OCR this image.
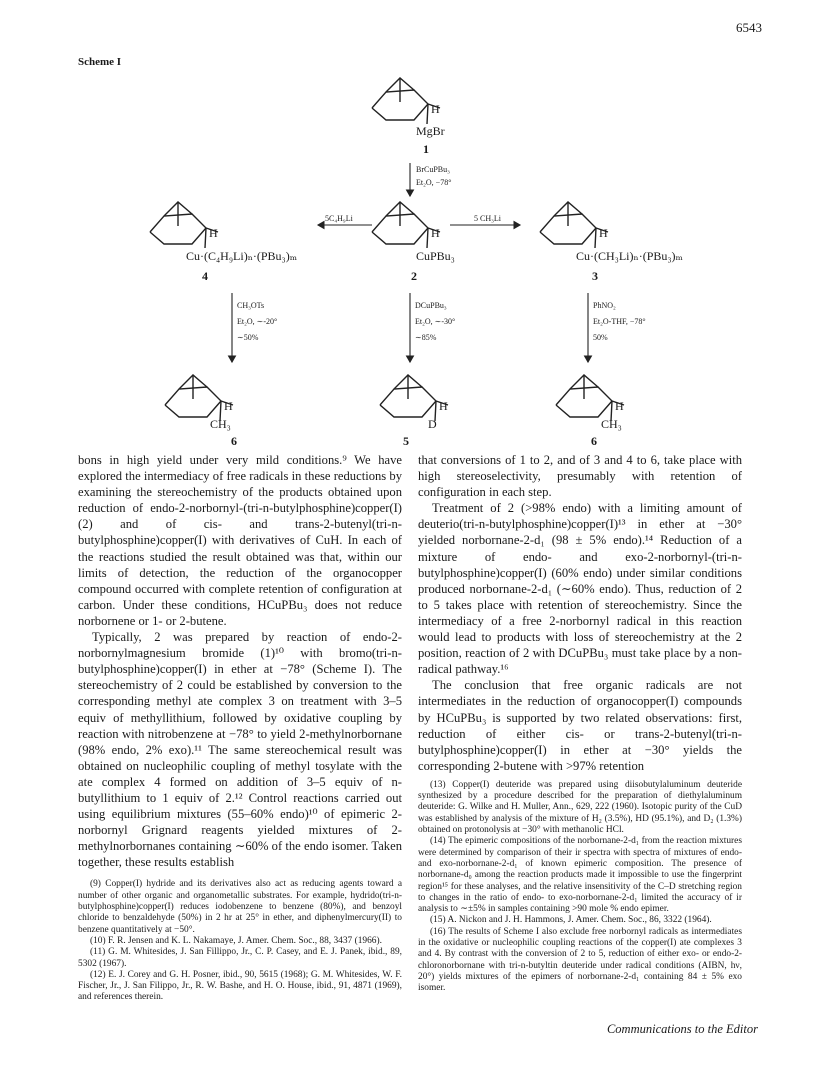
6543
Scheme I
H
MgBr
1
BrCuPBu₃
Et₂O, −78°
5C₄H₉Li	5 CH₃Li
H
Cu·(C₄H₉Li)ₙ·(PBu₃)ₘ
4
H
CuPBu₃
2
H
Cu·(CH₃Li)ₙ·(PBu₃)ₘ
3
CH₃OTs
Et₂O, ∼-20°
∼50%
DCuPBu₃
Et₂O, ∼-30°
∼85%
PhNO₂
Et₂O-THF, −78°
50%
H
CH₃
6
H
D
5
H
CH₃
6

bons in high yield under very mild conditions.⁹ We have explored the intermediacy of free radicals in these reductions by examining the stereochemistry of the products obtained upon reduction of endo-2-norbornyl-(tri-n-butylphosphine)copper(I) (2) and of cis- and trans-2-butenyl(tri-n-butylphosphine)copper(I) with derivatives of CuH. In each of the reactions studied the result obtained was that, within our limits of detection, the reduction of the organocopper compound occurred with complete retention of configuration at carbon. Under these conditions, HCuPBu₃ does not reduce norbornene or 1- or 2-butene.

Typically, 2 was prepared by reaction of endo-2-norbornylmagnesium bromide (1)¹⁰ with bromo(tri-n-butylphosphine)copper(I) in ether at −78° (Scheme I). The stereochemistry of 2 could be established by conversion to the corresponding methyl ate complex 3 on treatment with 3–5 equiv of methyllithium, followed by oxidative coupling by reaction with nitrobenzene at −78° to yield 2-methylnorbornane (98% endo, 2% exo).¹¹ The same stereochemical result was obtained on nucleophilic coupling of methyl tosylate with the ate complex 4 formed on addition of 3–5 equiv of n-butyllithium to 1 equiv of 2.¹² Control reactions carried out using equilibrium mixtures (55–60% endo)¹⁰ of epimeric 2-norbornyl Grignard reagents yielded mixtures of 2-methylnorbornanes containing ∼60% of the endo isomer. Taken together, these results establish

(9) Copper(I) hydride and its derivatives also act as reducing agents toward a number of other organic and organometallic substrates. For example, hydrido(tri-n-butylphosphine)copper(I) reduces iodobenzene to benzene (80%), and benzoyl chloride to benzaldehyde (50%) in 2 hr at 25° in ether, and diphenylmercury(II) to benzene quantitatively at −50°.

(10) F. R. Jensen and K. L. Nakamaye, J. Amer. Chem. Soc., 88, 3437 (1966).

(11) G. M. Whitesides, J. San Fillippo, Jr., C. P. Casey, and E. J. Panek, ibid., 89, 5302 (1967).

(12) E. J. Corey and G. H. Posner, ibid., 90, 5615 (1968); G. M. Whitesides, W. F. Fischer, Jr., J. San Filippo, Jr., R. W. Bashe, and H. O. House, ibid., 91, 4871 (1969), and references therein.

that conversions of 1 to 2, and of 3 and 4 to 6, take place with high stereoselectivity, presumably with retention of configuration in each step.

Treatment of 2 (>98% endo) with a limiting amount of deuterio(tri-n-butylphosphine)copper(I)¹³ in ether at −30° yielded norbornane-2-d₁ (98 ± 5% endo).¹⁴ Reduction of a mixture of endo- and exo-2-norbornyl-(tri-n-butylphosphine)copper(I) (60% endo) under similar conditions produced norbornane-2-d₁ (∼60% endo). Thus, reduction of 2 to 5 takes place with retention of stereochemistry. Since the intermediacy of a free 2-norbornyl radical in this reaction would lead to products with loss of stereochemistry at the 2 position, reaction of 2 with DCuPBu₃ must take place by a non-radical pathway.¹⁶

The conclusion that free organic radicals are not intermediates in the reduction of organocopper(I) compounds by HCuPBu₃ is supported by two related observations: first, reduction of either cis- or trans-2-butenyl(tri-n-butylphosphine)copper(I) in ether at −30° yields the corresponding 2-butene with >97% retention

(13) Copper(I) deuteride was prepared using diisobutylaluminum deuteride synthesized by a procedure described for the preparation of diethylaluminum deuteride: G. Wilke and H. Muller, Ann., 629, 222 (1960). Isotopic purity of the CuD was established by analysis of the mixture of H₂ (3.5%), HD (95.1%), and D₂ (1.3%) obtained on protonolysis at −30° with methanolic HCl.

(14) The epimeric compositions of the norbornane-2-d₁ from the reaction mixtures were determined by comparison of their ir spectra with spectra of mixtures of endo- and exo-norbornane-2-d₁ of known epimeric composition. The presence of norbornane-d₀ among the reaction products made it impossible to use the fingerprint region¹⁵ for these analyses, and the relative insensitivity of the C–D stretching region to changes in the ratio of endo- to exo-norbornane-2-d₁ limited the accuracy of ir analysis to ∼±5% in samples containing >90 mole % endo epimer.

(15) A. Nickon and J. H. Hammons, J. Amer. Chem. Soc., 86, 3322 (1964).

(16) The results of Scheme I also exclude free norbornyl radicals as intermediates in the oxidative or nucleophilic coupling reactions of the copper(I) ate complexes 3 and 4. By contrast with the conversion of 2 to 5, reduction of either exo- or endo-2-chloronorbornane with tri-n-butyltin deuteride under radical conditions (AIBN, hν, 20°) yields mixtures of the epimers of norbornane-2-d₁ containing 84 ± 5% exo isomer.

Communications to the Editor
